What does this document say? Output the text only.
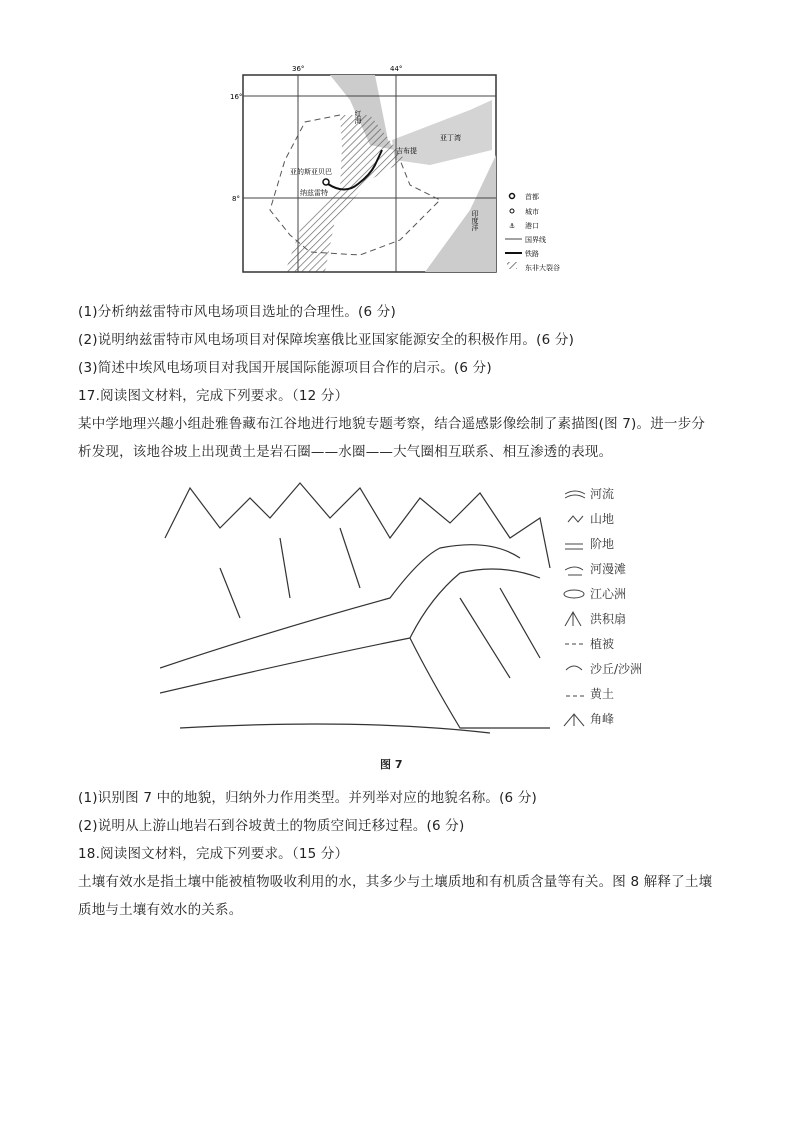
36°	44°
16°
8°
红海
亚丁湾
吉布提
亚的斯亚贝巴
纳兹雷特
印度洋
首都
城市
⚓ 港口
国界线
铁路
东非大裂谷
(1)分析纳兹雷特市风电场项目选址的合理性。(6 分)
(2)说明纳兹雷特市风电场项目对保障埃塞俄比亚国家能源安全的积极作用。(6 分)
(3)简述中埃风电场项目对我国开展国际能源项目合作的启示。(6 分)
17.阅读图文材料，完成下列要求。（12 分）
某中学地理兴趣小组赴雅鲁藏布江谷地进行地貌专题考察，结合遥感影像绘制了素描图(图 7)。进一步分
析发现，该地谷坡上出现黄土是岩石圈——水圈——大气圈相互联系、相互渗透的表现。
河流
山地
阶地
河漫滩
江心洲
洪积扇
植被
沙丘/沙洲
黄土
角峰
图 7
(1)识别图 7 中的地貌，归纳外力作用类型。并列举对应的地貌名称。(6 分)
(2)说明从上游山地岩石到谷坡黄土的物质空间迁移过程。(6 分)
18.阅读图文材料，完成下列要求。（15 分）
土壤有效水是指土壤中能被植物吸收利用的水，其多少与土壤质地和有机质含量等有关。图 8 解释了土壤
质地与土壤有效水的关系。
